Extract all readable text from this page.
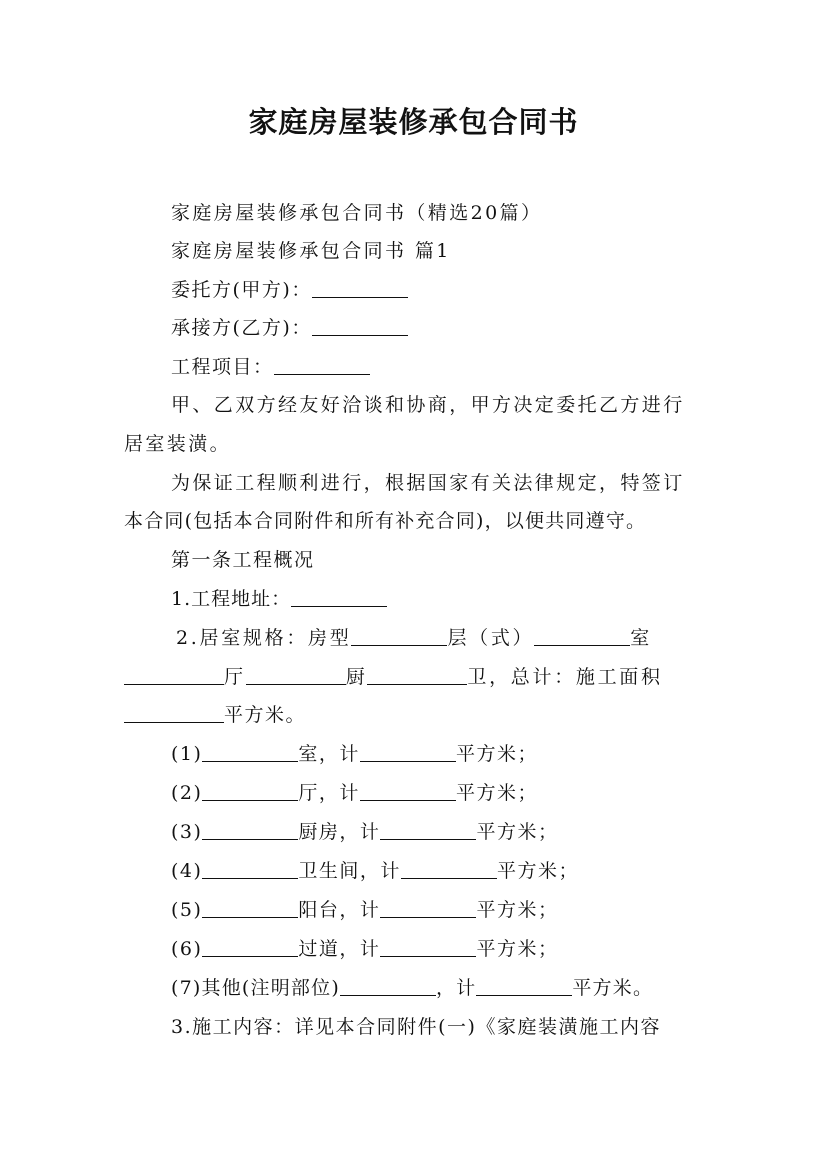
家庭房屋装修承包合同书
家庭房屋装修承包合同书（精选20篇）
家庭房屋装修承包合同书 篇1
委托方(甲方)：
承接方(乙方)：
工程项目：
甲、乙双方经友好洽谈和协商，甲方决定委托乙方进行
居室装潢。
为保证工程顺利进行，根据国家有关法律规定，特签订
本合同(包括本合同附件和所有补充合同)，以便共同遵守。
第一条工程概况
1.工程地址：
2.居室规格：房型	层（式）	室
厅	厨	卫，总计：施工面积
平方米。
(1)	室，计	平方米；
(2)	厅，计	平方米；
(3)	厨房，计	平方米；
(4)	卫生间，计	平方米；
(5)	阳台，计	平方米；
(6)	过道，计	平方米；
(7)其他(注明部位)	，计	平方米。
3.施工内容：详见本合同附件(一)《家庭装潢施工内容
